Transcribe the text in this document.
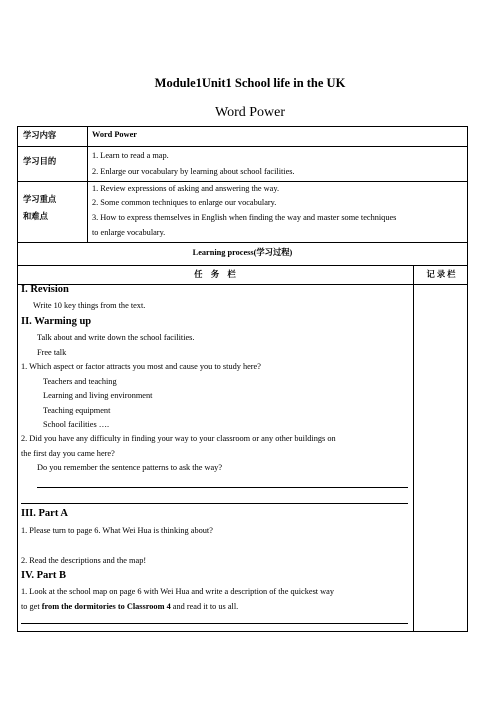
Module1Unit1 School life in the UK
Word Power
学习内容	Word Power
学习目的
1. Learn to read a map.
2. Enlarge our vocabulary by learning about school facilities.
学习重点
和难点
1. Review expressions of asking and answering the way.
2. Some common techniques to enlarge our vocabulary.
3. How to express themselves in English when finding the way and master some techniques
to enlarge vocabulary.
Learning process(学习过程)
任　务　栏	记 录 栏
I. Revision
Write 10 key things from the text.
II. Warming up
Talk about and write down the school facilities.
Free talk
1. Which aspect or factor attracts you most and cause you to study here?
Teachers and teaching
Learning and living environment
Teaching equipment
School facilities ….
2. Did you have any difficulty in finding your way to your classroom or any other buildings on
the first day you came here?
Do you remember the sentence patterns to ask the way?
III. Part A
1. Please turn to page 6. What Wei Hua is thinking about?
2. Read the descriptions and the map!
IV. Part B
1. Look at the school map on page 6 with Wei Hua and write a description of the quickest way
to get from the dormitories to Classroom 4 and read it to us all.
